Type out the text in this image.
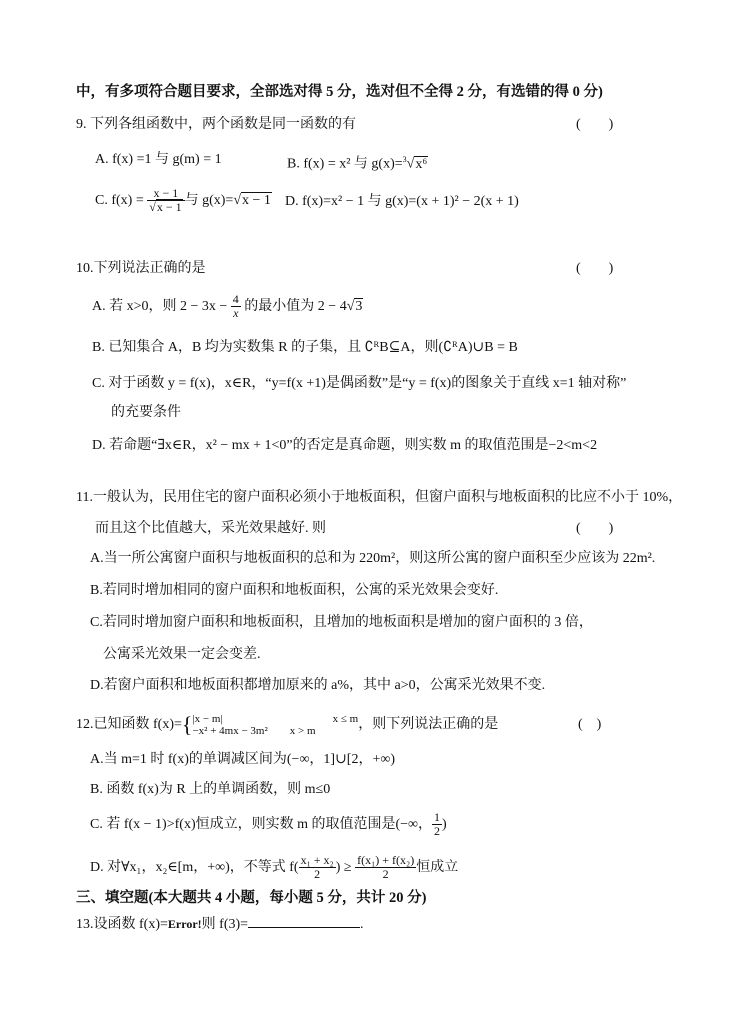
中，有多项符合题目要求，全部选对得 5 分，选对但不全得 2 分，有选错的得 0 分)
9. 下列各组函数中，两个函数是同一函数的有	(　　)
A. f(x) =1 与 g(m) = 1	B. f(x) = x² 与 g(x)=$^3$√x⁶
C. $f(x) = \frac{x - 1}{√x - 1}$ 与 g(x)=√x − 1 D. f(x)=x² − 1 与 g(x)=(x + 1)² − 2(x + 1)
10.下列说法正确的是	(　　)
A. 若 x>0，则 $2 - 3x - \frac{4}{x}$ 的最小值为 2 − 4√3
B. 已知集合 A，B 均为实数集 R 的子集，且 ∁ᴿB⊆A，则(∁ᴿA)∪B = B
C. 对于函数 y = f(x)，x∈R，“y=f(x +1)是偶函数”是“y = f(x)的图象关于直线 x=1 轴对称”
的充要条件
D. 若命题“∃x∈R，x² − mx + 1<0”的否定是真命题，则实数 m 的取值范围是−2<m<2
11.一般认为，民用住宅的窗户面积必须小于地板面积，但窗户面积与地板面积的比应不小于 10%，
而且这个比值越大，采光效果越好. 则	(　　)
A.当一所公寓窗户面积与地板面积的总和为 220m²，则这所公寓的窗户面积至少应该为 22m².
B.若同时增加相同的窗户面积和地板面积，公寓的采光效果会变好.
C.若同时增加窗户面积和地板面积，且增加的地板面积是增加的窗户面积的 3 倍，
公寓采光效果一定会变差.
D.若窗户面积和地板面积都增加原来的 a%，其中 a>0，公寓采光效果不变.
12.已知函数 f(x)={ |x − m|	x ≤ m
−x² + 4mx − 3m² x > m	，则下列说法正确的是	(　)
A.当 m=1 时 f(x)的单调减区间为(−∞，1]∪[2，+∞)
B. 函数 f(x)为 R 上的单调函数，则 m≤0
C. 若 f(x − 1)>f(x)恒成立，则实数 m 的取值范围是(−∞， $\frac{1}{2}$ )
D. 对∀x₁，x₂∈[m，+∞)，不等式 $f( \frac{\text{x₁ + x₂}}{2}$ ) ≥ $\frac{\text{f(x₁) + f(x₂)}}{2}$ 恒成立
三、填空题(本大题共 4 小题，每小题 5 分，共计 20 分)
13.设函数 f(x)=Error!则 f(3)=	.
